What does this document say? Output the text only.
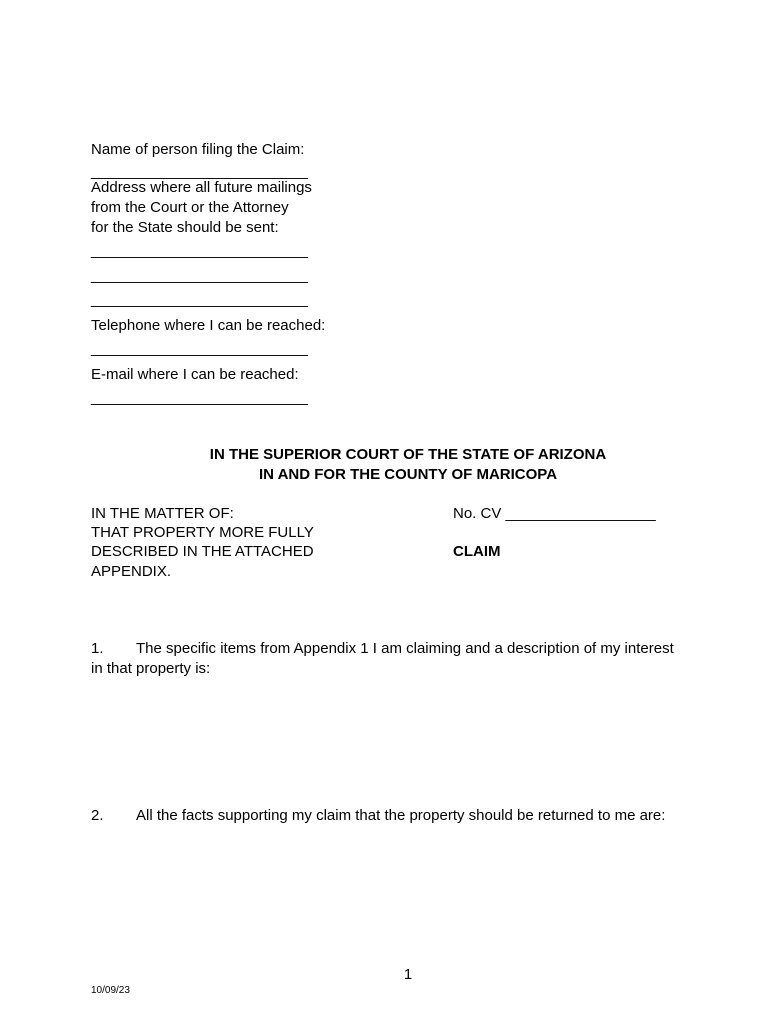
Name of person filing the Claim:
__________________________
Address where all future mailings
from the Court or the Attorney
for the State should be sent:
__________________________
__________________________
__________________________
Telephone where I can be reached:
__________________________
E-mail where I can be reached:
__________________________
IN THE SUPERIOR COURT OF THE STATE OF ARIZONA
IN AND FOR THE COUNTY OF MARICOPA
IN THE MATTER OF:
THAT PROPERTY MORE FULLY
DESCRIBED IN THE ATTACHED
APPENDIX.
No. CV __________________
CLAIM
1. The specific items from Appendix 1 I am claiming and a description of my interest
in that property is:
2. All the facts supporting my claim that the property should be returned to me are:
1
10/09/23
